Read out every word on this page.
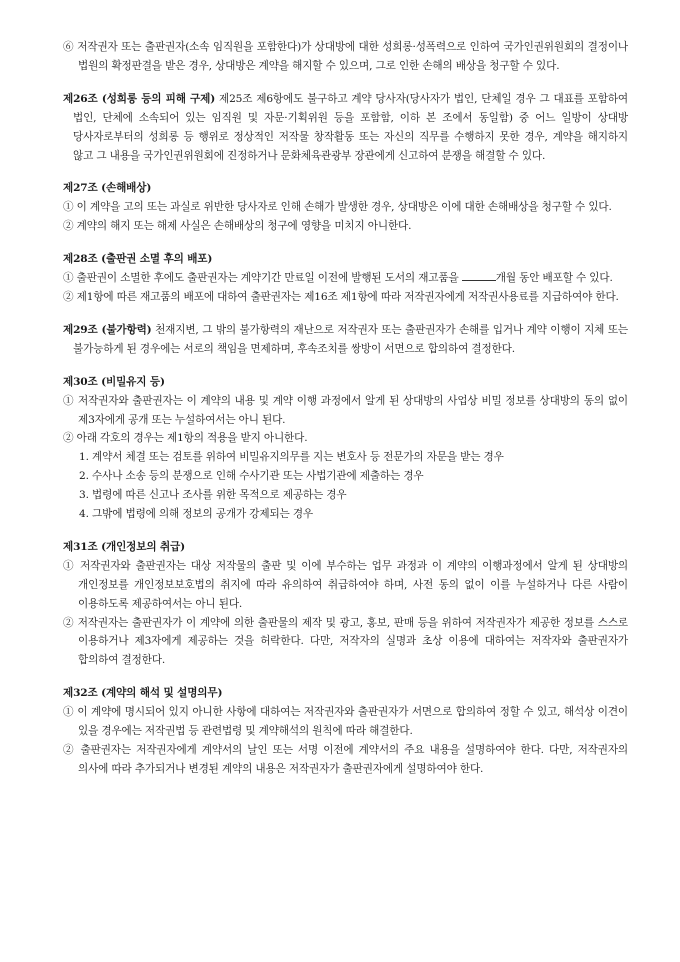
⑥ 저작권자 또는 출판권자(소속 임직원을 포함한다)가 상대방에 대한 성희롱·성폭력으로 인하여 국가인권위원회의 결정이나 법원의 확정판결을 받은 경우, 상대방은 계약을 해지할 수 있으며, 그로 인한 손해의 배상을 청구할 수 있다.

제26조 (성희롱 등의 피해 구제) 제25조 제6항에도 불구하고 계약 당사자(당사자가 법인, 단체일 경우 그 대표를 포함하여 법인, 단체에 소속되어 있는 임직원 및 자문·기획위원 등을 포함함, 이하 본 조에서 동일함) 중 어느 일방이 상대방 당사자로부터의 성희롱 등 행위로 정상적인 저작물 창작활동 또는 자신의 직무를 수행하지 못한 경우, 계약을 해지하지 않고 그 내용을 국가인권위원회에 진정하거나 문화체육관광부 장관에게 신고하여 분쟁을 해결할 수 있다.

제27조 (손해배상)

① 이 계약을 고의 또는 과실로 위반한 당사자로 인해 손해가 발생한 경우, 상대방은 이에 대한 손해배상을 청구할 수 있다.

② 계약의 해지 또는 해제 사실은 손해배상의 청구에 영향을 미치지 아니한다.

제28조 (출판권 소멸 후의 배포)

① 출판권이 소멸한 후에도 출판권자는 계약기간 만료일 이전에 발행된 도서의 재고품을	개월 동안 배포할 수 있다.

② 제1항에 따른 재고품의 배포에 대하여 출판권자는 제16조 제1항에 따라 저작권자에게 저작권사용료를 지급하여야 한다.

제29조 (불가항력) 천재지변, 그 밖의 불가항력의 재난으로 저작권자 또는 출판권자가 손해를 입거나 계약 이행이 지체 또는 불가능하게 된 경우에는 서로의 책임을 면제하며, 후속조치를 쌍방이 서면으로 합의하여 결정한다.

제30조 (비밀유지 등)

① 저작권자와 출판권자는 이 계약의 내용 및 계약 이행 과정에서 알게 된 상대방의 사업상 비밀 정보를 상대방의 동의 없이 제3자에게 공개 또는 누설하여서는 아니 된다.

② 아래 각호의 경우는 제1항의 적용을 받지 아니한다.

1. 계약서 체결 또는 검토를 위하여 비밀유지의무를 지는 변호사 등 전문가의 자문을 받는 경우

2. 수사나 소송 등의 분쟁으로 인해 수사기관 또는 사법기관에 제출하는 경우

3. 법령에 따른 신고나 조사를 위한 목적으로 제공하는 경우

4. 그밖에 법령에 의해 정보의 공개가 강제되는 경우

제31조 (개인정보의 취급)

① 저작권자와 출판권자는 대상 저작물의 출판 및 이에 부수하는 업무 과정과 이 계약의 이행과정에서 알게 된 상대방의 개인정보를 개인정보보호법의 취지에 따라 유의하여 취급하여야 하며, 사전 동의 없이 이를 누설하거나 다른 사람이 이용하도록 제공하여서는 아니 된다.

② 저작권자는 출판권자가 이 계약에 의한 출판물의 제작 및 광고, 홍보, 판매 등을 위하여 저작권자가 제공한 정보를 스스로 이용하거나 제3자에게 제공하는 것을 허락한다. 다만, 저작자의 실명과 초상 이용에 대하여는 저작자와 출판권자가 합의하여 결정한다.

제32조 (계약의 해석 및 설명의무)

① 이 계약에 명시되어 있지 아니한 사항에 대하여는 저작권자와 출판권자가 서면으로 합의하여 정할 수 있고, 해석상 이견이 있을 경우에는 저작권법 등 관련법령 및 계약해석의 원칙에 따라 해결한다.

② 출판권자는 저작권자에게 계약서의 날인 또는 서명 이전에 계약서의 주요 내용을 설명하여야 한다. 다만, 저작권자의 의사에 따라 추가되거나 변경된 계약의 내용은 저작권자가 출판권자에게 설명하여야 한다.
